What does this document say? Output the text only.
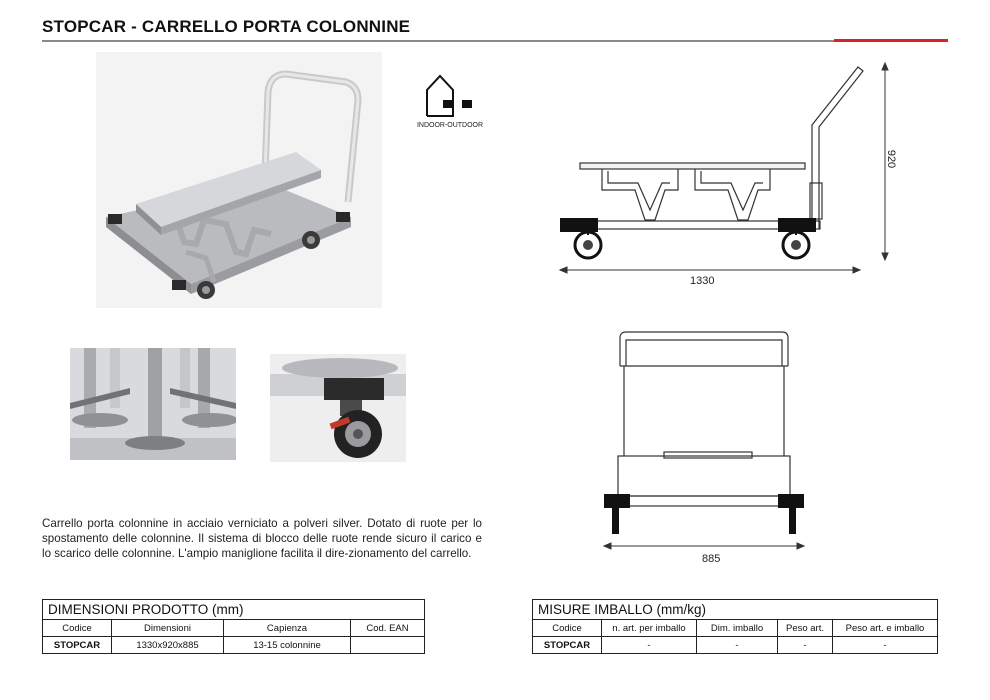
STOPCAR - CARRELLO PORTA COLONNINE
INDOOR-OUTDOOR
1330
920
885
Carrello porta colonnine in acciaio verniciato a polveri silver. Dotato di ruote per lo spostamento delle colonnine. Il sistema di blocco delle ruote rende sicuro il carico e lo scarico delle colonnine. L'ampio maniglione facilita il dire-zionamento del carrello.
DIMENSIONI PRODOTTO (mm)			
Codice	Dimensioni	Capienza	Cod. EAN
STOPCAR	1330x920x885	13-15 colonnine	
MISURE IMBALLO (mm/kg)				
Codice	n. art. per imballo	Dim. imballo	Peso art.	Peso art. e imballo
STOPCAR	-	-	-	-
